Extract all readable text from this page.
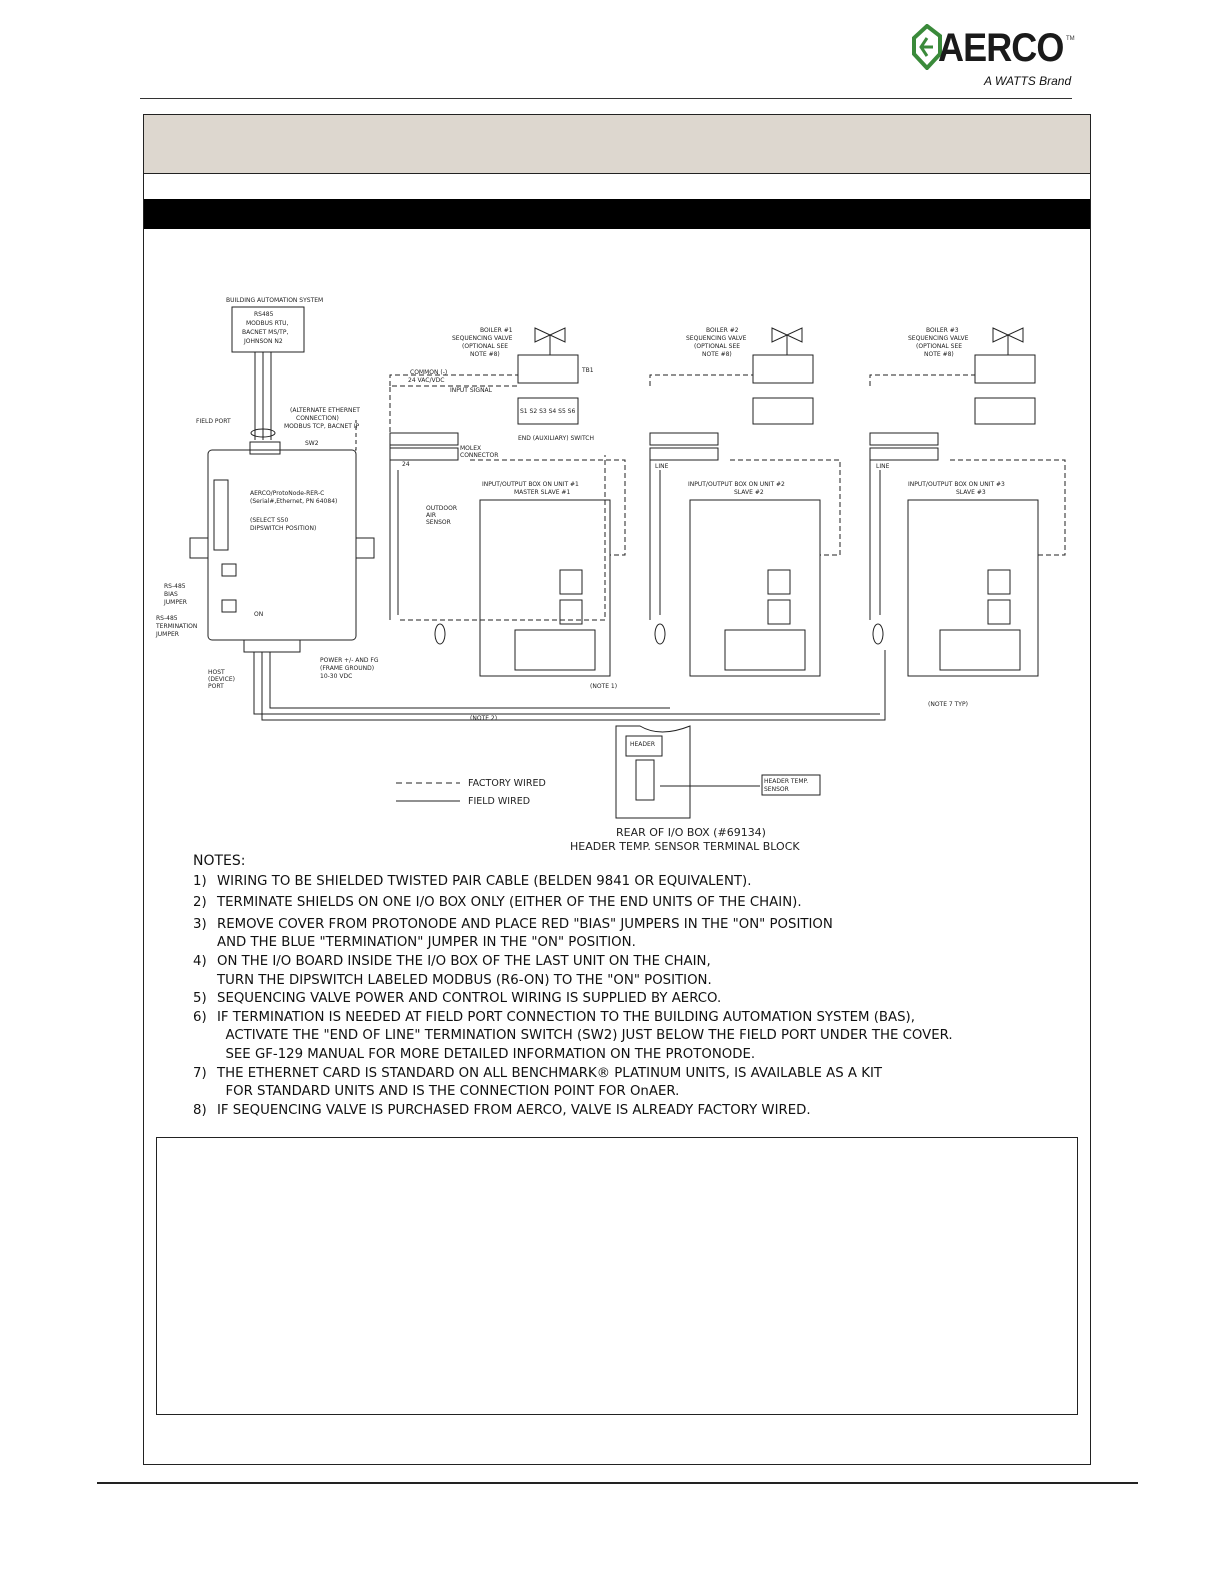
AERCO TM
A WATTS Brand
BUILDING AUTOMATION SYSTEM
RS485
MODBUS RTU,
BACNET MS/TP,
JOHNSON N2
FIELD PORT
(ALTERNATE ETHERNET
CONNECTION)
MODBUS TCP, BACNET IP
SW2
AERCO/ProtoNode-RER-C
(Serial#,Ethernet, PN 64084)
(SELECT S50
DIPSWITCH POSITION)
RS-485
BIAS
JUMPER
RS-485
TERMINATION
JUMPER
ON
HOST
(DEVICE)
PORT
POWER +/- AND FG
(FRAME GROUND)
10-30 VDC
(NOTE 1)
(NOTE 2)
(NOTE 7 TYP)
COMMON (-)
24 VAC/VDC
INPUT SIGNAL
TB1
END (AUXILIARY) SWITCH
S1 S2 S3 S4 S5 S6
MOLEX
CONNECTOR
OUTDOOR
AIR
SENSOR
24	LINE	LINE
BOILER #1
SEQUENCING VALVE
(OPTIONAL SEE
NOTE #8)
BOILER #2
SEQUENCING VALVE
(OPTIONAL SEE
NOTE #8)
BOILER #3
SEQUENCING VALVE
(OPTIONAL SEE
NOTE #8)
INPUT/OUTPUT BOX ON UNIT #1
MASTER SLAVE #1
INPUT/OUTPUT BOX ON UNIT #2
SLAVE #2
INPUT/OUTPUT BOX ON UNIT #3
SLAVE #3
HEADER
HEADER TEMP.
SENSOR
FACTORY WIRED
FIELD WIRED
REAR OF I/O BOX (#69134)
HEADER TEMP. SENSOR TERMINAL BLOCK
NOTES:
1) WIRING TO BE SHIELDED TWISTED PAIR CABLE (BELDEN 9841 OR EQUIVALENT).
2) TERMINATE SHIELDS ON ONE I/O BOX ONLY (EITHER OF THE END UNITS OF THE CHAIN).
3) REMOVE COVER FROM PROTONODE AND PLACE RED "BIAS" JUMPERS IN THE "ON" POSITION
AND THE BLUE "TERMINATION" JUMPER IN THE "ON" POSITION.
4) ON THE I/O BOARD INSIDE THE I/O BOX OF THE LAST UNIT ON THE CHAIN,
TURN THE DIPSWITCH LABELED MODBUS (R6-ON) TO THE "ON" POSITION.
5) SEQUENCING VALVE POWER AND CONTROL WIRING IS SUPPLIED BY AERCO.
6) IF TERMINATION IS NEEDED AT FIELD PORT CONNECTION TO THE BUILDING AUTOMATION SYSTEM (BAS),
ACTIVATE THE "END OF LINE" TERMINATION SWITCH (SW2) JUST BELOW THE FIELD PORT UNDER THE COVER.
SEE GF-129 MANUAL FOR MORE DETAILED INFORMATION ON THE PROTONODE.
7) THE ETHERNET CARD IS STANDARD ON ALL BENCHMARK® PLATINUM UNITS, IS AVAILABLE AS A KIT
FOR STANDARD UNITS AND IS THE CONNECTION POINT FOR OnAER.
8) IF SEQUENCING VALVE IS PURCHASED FROM AERCO, VALVE IS ALREADY FACTORY WIRED.
